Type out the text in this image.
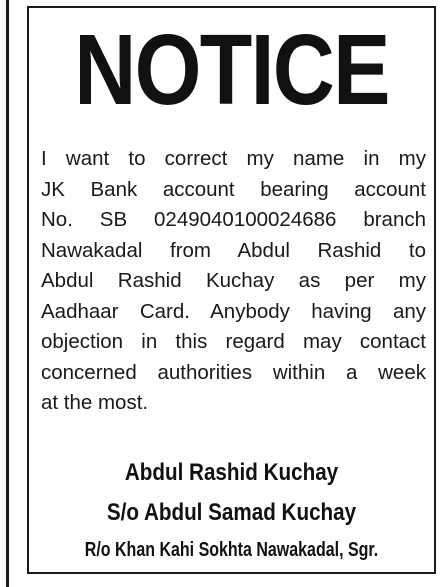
NOTICE
I want to correct my name in my
JK Bank account bearing account
No. SB 0249040100024686 branch
Nawakadal from Abdul Rashid to
Abdul Rashid Kuchay as per my
Aadhaar Card. Anybody having any
objection in this regard may contact
concerned authorities within a week
at the most.
Abdul Rashid Kuchay
S/o Abdul Samad Kuchay
R/o Khan Kahi Sokhta Nawakadal, Sgr.
